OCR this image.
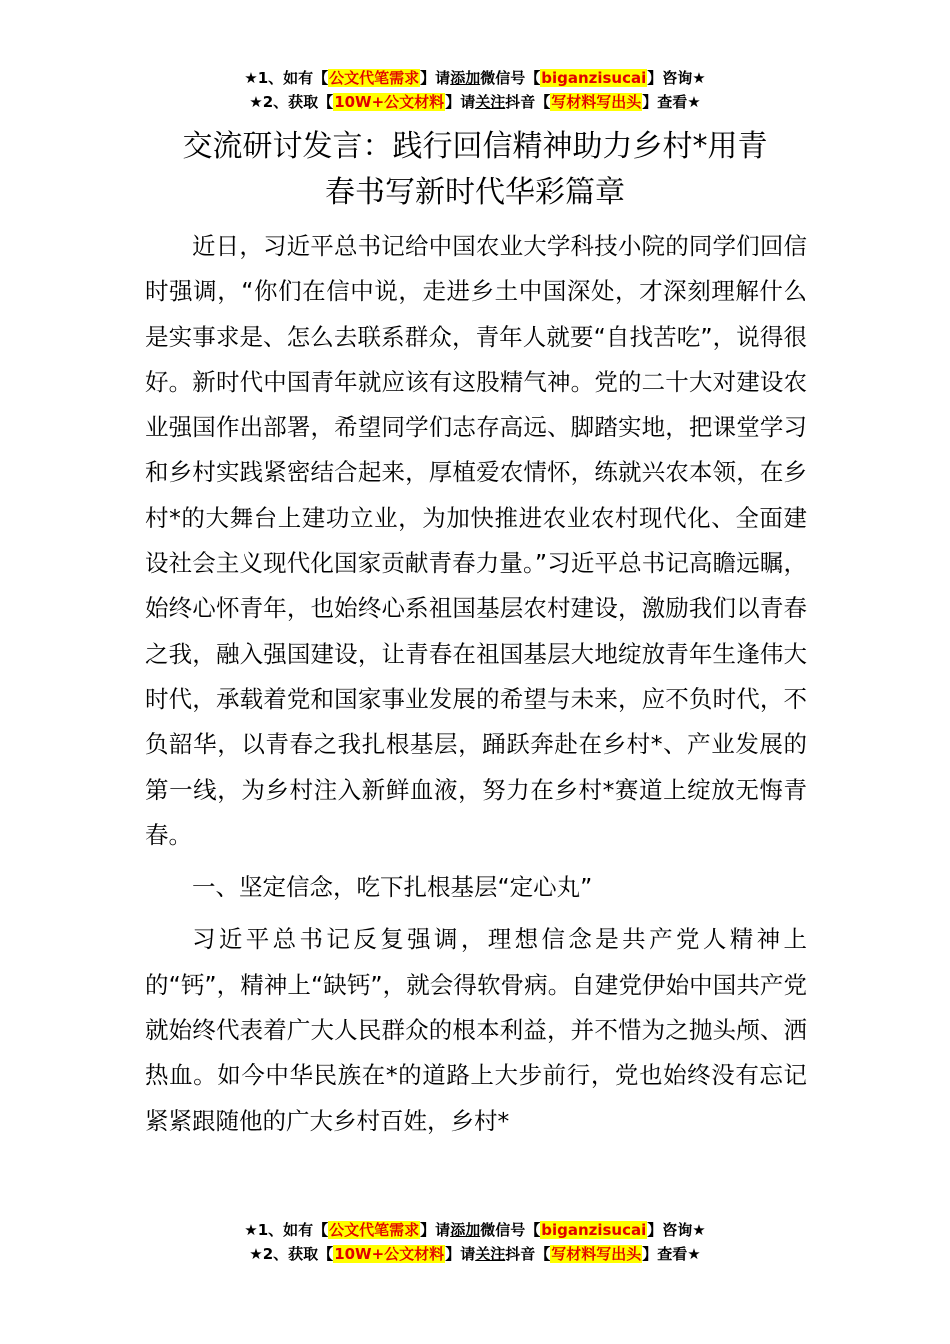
★1、如有【公文代笔需求】请添加微信号【biganzisucai】咨询★
★2、获取【10W+公文材料】请关注抖音【写材料写出头】查看★
交流研讨发言：践行回信精神助力乡村*用青
春书写新时代华彩篇章

近日，习近平总书记给中国农业大学科技小院的同学们回信时强调，“你们在信中说，走进乡土中国深处，才深刻理解什么是实事求是、怎么去联系群众，青年人就要“自找苦吃”，说得很好。新时代中国青年就应该有这股精气神。党的二十大对建设农业强国作出部署，希望同学们志存高远、脚踏实地，把课堂学习和乡村实践紧密结合起来，厚植爱农情怀，练就兴农本领，在乡村*的大舞台上建功立业，为加快推进农业农村现代化、全面建设社会主义现代化国家贡献青春力量。”习近平总书记高瞻远瞩，始终心怀青年，也始终心系祖国基层农村建设，激励我们以青春之我，融入强国建设，让青春在祖国基层大地绽放青年生逢伟大时代，承载着党和国家事业发展的希望与未来，应不负时代，不负韶华，以青春之我扎根基层，踊跃奔赴在乡村*、产业发展的第一线，为乡村注入新鲜血液，努力在乡村*赛道上绽放无悔青春。

一、坚定信念，吃下扎根基层“定心丸”

习近平总书记反复强调，理想信念是共产党人精神上的“钙”，精神上“缺钙”，就会得软骨病。自建党伊始中国共产党就始终代表着广大人民群众的根本利益，并不惜为之抛头颅、洒热血。如今中华民族在*的道路上大步前行，党也始终没有忘记紧紧跟随他的广大乡村百姓，乡村*

★1、如有【公文代笔需求】请添加微信号【biganzisucai】咨询★
★2、获取【10W+公文材料】请关注抖音【写材料写出头】查看★
